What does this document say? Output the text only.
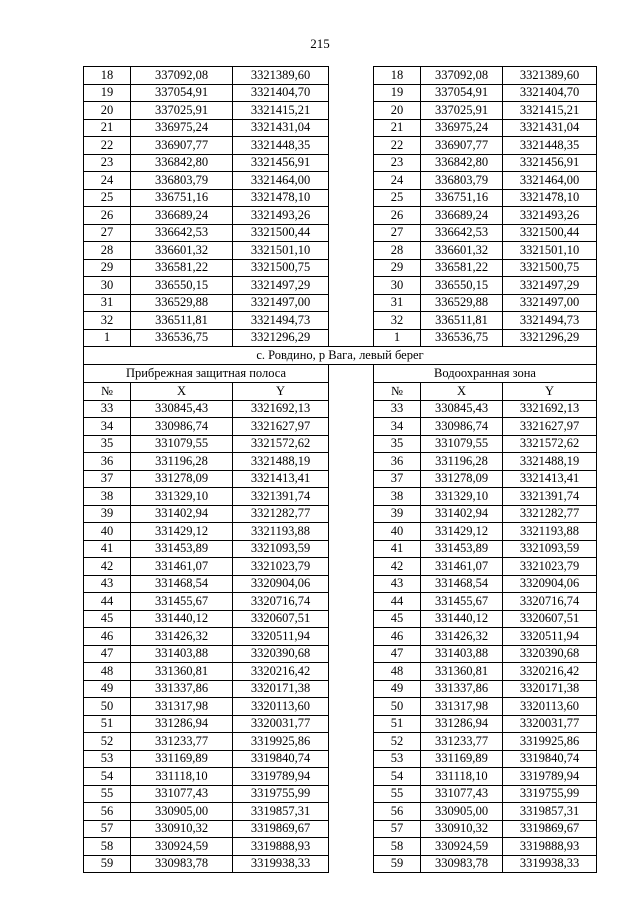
215
18	337092,08	3321389,60		18	337092,08	3321389,60
19	337054,91	3321404,70		19	337054,91	3321404,70
20	337025,91	3321415,21		20	337025,91	3321415,21
21	336975,24	3321431,04		21	336975,24	3321431,04
22	336907,77	3321448,35		22	336907,77	3321448,35
23	336842,80	3321456,91		23	336842,80	3321456,91
24	336803,79	3321464,00		24	336803,79	3321464,00
25	336751,16	3321478,10		25	336751,16	3321478,10
26	336689,24	3321493,26		26	336689,24	3321493,26
27	336642,53	3321500,44		27	336642,53	3321500,44
28	336601,32	3321501,10		28	336601,32	3321501,10
29	336581,22	3321500,75		29	336581,22	3321500,75
30	336550,15	3321497,29		30	336550,15	3321497,29
31	336529,88	3321497,00		31	336529,88	3321497,00
32	336511,81	3321494,73		32	336511,81	3321494,73
1	336536,75	3321296,29		1	336536,75	3321296,29
с. Ровдино, р Вага, левый берег						
Прибрежная защитная полоса				Водоохранная зона		
№	X	Y		№	X	Y
33	330845,43	3321692,13		33	330845,43	3321692,13
34	330986,74	3321627,97		34	330986,74	3321627,97
35	331079,55	3321572,62		35	331079,55	3321572,62
36	331196,28	3321488,19		36	331196,28	3321488,19
37	331278,09	3321413,41		37	331278,09	3321413,41
38	331329,10	3321391,74		38	331329,10	3321391,74
39	331402,94	3321282,77		39	331402,94	3321282,77
40	331429,12	3321193,88		40	331429,12	3321193,88
41	331453,89	3321093,59		41	331453,89	3321093,59
42	331461,07	3321023,79		42	331461,07	3321023,79
43	331468,54	3320904,06		43	331468,54	3320904,06
44	331455,67	3320716,74		44	331455,67	3320716,74
45	331440,12	3320607,51		45	331440,12	3320607,51
46	331426,32	3320511,94		46	331426,32	3320511,94
47	331403,88	3320390,68		47	331403,88	3320390,68
48	331360,81	3320216,42		48	331360,81	3320216,42
49	331337,86	3320171,38		49	331337,86	3320171,38
50	331317,98	3320113,60		50	331317,98	3320113,60
51	331286,94	3320031,77		51	331286,94	3320031,77
52	331233,77	3319925,86		52	331233,77	3319925,86
53	331169,89	3319840,74		53	331169,89	3319840,74
54	331118,10	3319789,94		54	331118,10	3319789,94
55	331077,43	3319755,99		55	331077,43	3319755,99
56	330905,00	3319857,31		56	330905,00	3319857,31
57	330910,32	3319869,67		57	330910,32	3319869,67
58	330924,59	3319888,93		58	330924,59	3319888,93
59	330983,78	3319938,33		59	330983,78	3319938,33
